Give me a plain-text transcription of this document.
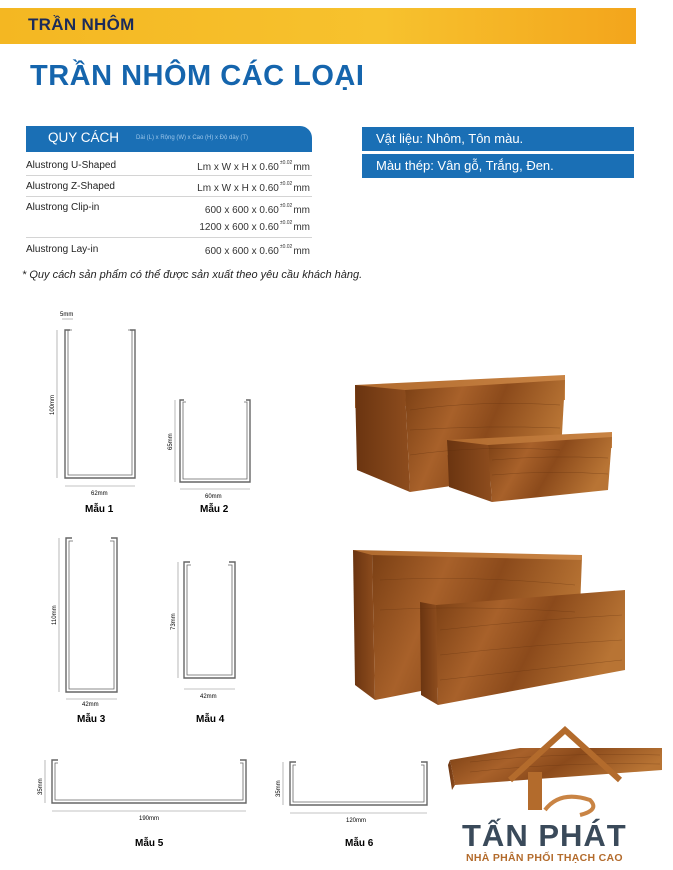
TRẦN NHÔM
TRẦN NHÔM CÁC LOẠI
QUY CÁCH	Dài (L) x Rộng (W) x Cao (H) x Độ dày (T)
Alustrong U-Shaped	Lm x W x H x $0.60^{\pm 0.02}mm$
Alustrong Z-Shaped	Lm x W x H x $0.60^{\pm 0.02}mm$
Alustrong Clip-in	600 x 600 x $0.60^{\pm 0.02}mm$
1200 x 600 x $0.60^{\pm 0.02}mm$
Alustrong Lay-in	600 x 600 x $0.60^{\pm 0.02}mm$
Vật liệu: Nhôm, Tôn màu.
Màu thép: Vân gỗ, Trắng, Đen.
* Quy cách sản phẩm có thể được sản xuất theo yêu cầu khách hàng.
5mm
100mm
62mm
65mm
60mm
110mm
42mm
73mm
42mm
35mm
190mm
35mm
120mm
Mẫu 1	Mẫu 2
Mẫu 3	Mẫu 4
Mẫu 5	Mẫu 6	TẤN PHÁT
NHÀ PHÂN PHỐI THẠCH CAO
